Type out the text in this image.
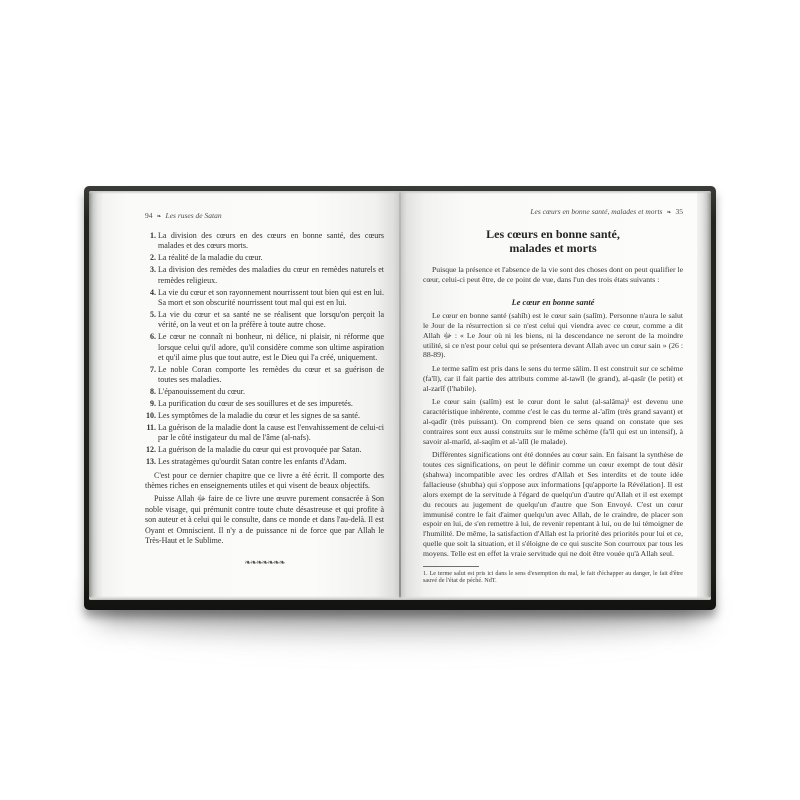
94 ❧ Les ruses de Satan
1. La division des cœurs en des cœurs en bonne santé, des cœurs malades et des cœurs morts.
2. La réalité de la maladie du cœur.
3. La division des remèdes des maladies du cœur en remèdes naturels et remèdes religieux.
4. La vie du cœur et son rayonnement nourrissent tout bien qui est en lui. Sa mort et son obscurité nourrissent tout mal qui est en lui.
5. La vie du cœur et sa santé ne se réalisent que lorsqu'on perçoit la vérité, on la veut et on la préfère à toute autre chose.
6. Le cœur ne connaît ni bonheur, ni délice, ni plaisir, ni réforme que lorsque celui qu'il adore, qu'il considère comme son ultime aspiration et qu'il aime plus que tout autre, est le Dieu qui l'a créé, uniquement.
7. Le noble Coran comporte les remèdes du cœur et sa guérison de toutes ses maladies.
8. L'épanouissement du cœur.
9. La purification du cœur de ses souillures et de ses impuretés.
10. Les symptômes de la maladie du cœur et les signes de sa santé.
11. La guérison de la maladie dont la cause est l'envahissement de celui-ci par le côté instigateur du mal de l'âme (al-nafs).
12. La guérison de la maladie du cœur qui est provoquée par Satan.
13. Les stratagèmes qu'ourdit Satan contre les enfants d'Adam.
C'est pour ce dernier chapitre que ce livre a été écrit. Il comporte des thèmes riches en enseignements utiles et qui visent de beaux objectifs.
Puisse Allah ﷻ faire de ce livre une œuvre purement consacrée à Son noble visage, qui prémunit contre toute chute désastreuse et qui profite à son auteur et à celui qui le consulte, dans ce monde et dans l'au-delà. Il est Oyant et Omniscient. Il n'y a de puissance ni de force que par Allah le Très-Haut et le Sublime.
❧❧❧❧❧❧❧
Les cœurs en bonne santé, malades et morts ❧ 35
Les cœurs en bonne santé,
malades et morts
Puisque la présence et l'absence de la vie sont des choses dont on peut qualifier le cœur, celui-ci peut être, de ce point de vue, dans l'un des trois états suivants :
Le cœur en bonne santé
Le cœur en bonne santé (sahîh) est le cœur sain (salîm). Personne n'aura le salut le Jour de la résurrection si ce n'est celui qui viendra avec ce cœur, comme a dit Allah ﷻ : « Le Jour où ni les biens, ni la descendance ne seront de la moindre utilité, si ce n'est pour celui qui se présentera devant Allah avec un cœur sain » (26 : 88-89).
Le terme salîm est pris dans le sens du terme sâlim. Il est construit sur ce schème (fa'îl), car il fait partie des attributs comme al-tawîl (le grand), al-qasîr (le petit) et al-zarîf (l'habile).
Le cœur sain (salîm) est le cœur dont le salut (al-salâma)¹ est devenu une caractéristique inhérente, comme c'est le cas du terme al-'alîm (très grand savant) et al-qadîr (très puissant). On comprend bien ce sens quand on constate que ses contraires sont eux aussi construits sur le même schème (fa'îl qui est un intensif), à savoir al-marîd, al-saqîm et al-'alîl (le malade).
Différentes significations ont été données au cœur sain. En faisant la synthèse de toutes ces significations, on peut le définir comme un cœur exempt de tout désir (shahwa) incompatible avec les ordres d'Allah et Ses interdits et de toute idée fallacieuse (shubha) qui s'oppose aux informations [qu'apporte la Révélation]. Il est alors exempt de la servitude à l'égard de quelqu'un d'autre qu'Allah et il est exempt du recours au jugement de quelqu'un d'autre que Son Envoyé. C'est un cœur immunisé contre le fait d'aimer quelqu'un avec Allah, de le craindre, de placer son espoir en lui, de s'en remettre à lui, de revenir repentant à lui, ou de lui témoigner de l'humilité. De même, la satisfaction d'Allah est la priorité des priorités pour lui et ce, quelle que soit la situation, et il s'éloigne de ce qui suscite Son courroux par tous les moyens. Telle est en effet la vraie servitude qui ne doit être vouée qu'à Allah seul.
1. Le terme salut est pris ici dans le sens d'exemption du mal, le fait d'échapper au danger, le fait d'être sauvé de l'état de péché. NdT.
